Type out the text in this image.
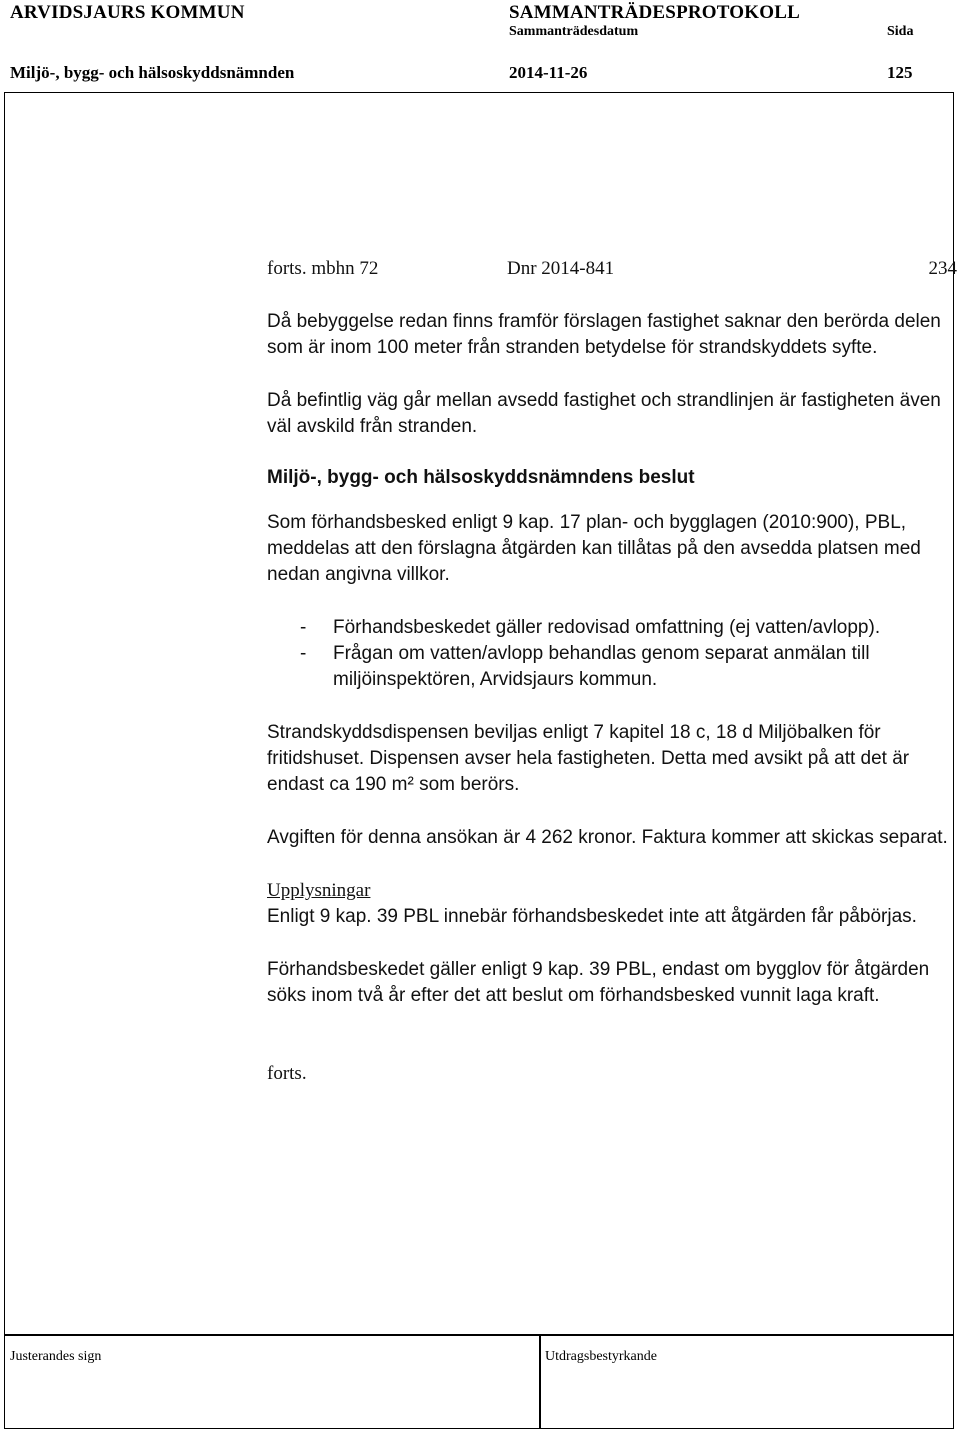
ARVIDSJAURS KOMMUN	SAMMANTRÄDESPROTOKOLL
Sammanträdesdatum	Sida
Miljö-, bygg- och hälsoskyddsnämnden	2014-11-26	125
forts. mbhn 72	Dnr 2014-841	234

Då bebyggelse redan finns framför förslagen fastighet saknar den berörda delen som är inom 100 meter från stranden betydelse för strandskyddets syfte.

Då befintlig väg går mellan avsedd fastighet och strandlinjen är fastigheten även väl avskild från stranden.

Miljö-, bygg- och hälsoskyddsnämndens beslut

Som förhandsbesked enligt 9 kap. 17 plan- och bygglagen (2010:900), PBL, meddelas att den förslagna åtgärden kan tillåtas på den avsedda platsen med nedan angivna villkor.

- Förhandsbeskedet gäller redovisad omfattning (ej vatten/avlopp).
- Frågan om vatten/avlopp behandlas genom separat anmälan till miljöinspektören, Arvidsjaurs kommun.

Strandskyddsdispensen beviljas enligt 7 kapitel 18 c, 18 d Miljöbalken för fritidshuset. Dispensen avser hela fastigheten. Detta med avsikt på att det är endast ca 190 m² som berörs.

Avgiften för denna ansökan är 4 262 kronor. Faktura kommer att skickas separat.

Upplysningar

Enligt 9 kap. 39 PBL innebär förhandsbeskedet inte att åtgärden får påbörjas.

Förhandsbeskedet gäller enligt 9 kap. 39 PBL, endast om bygglov för åtgärden söks inom två år efter det att beslut om förhandsbesked vunnit laga kraft.

forts.

Justerandes sign	Utdragsbestyrkande
